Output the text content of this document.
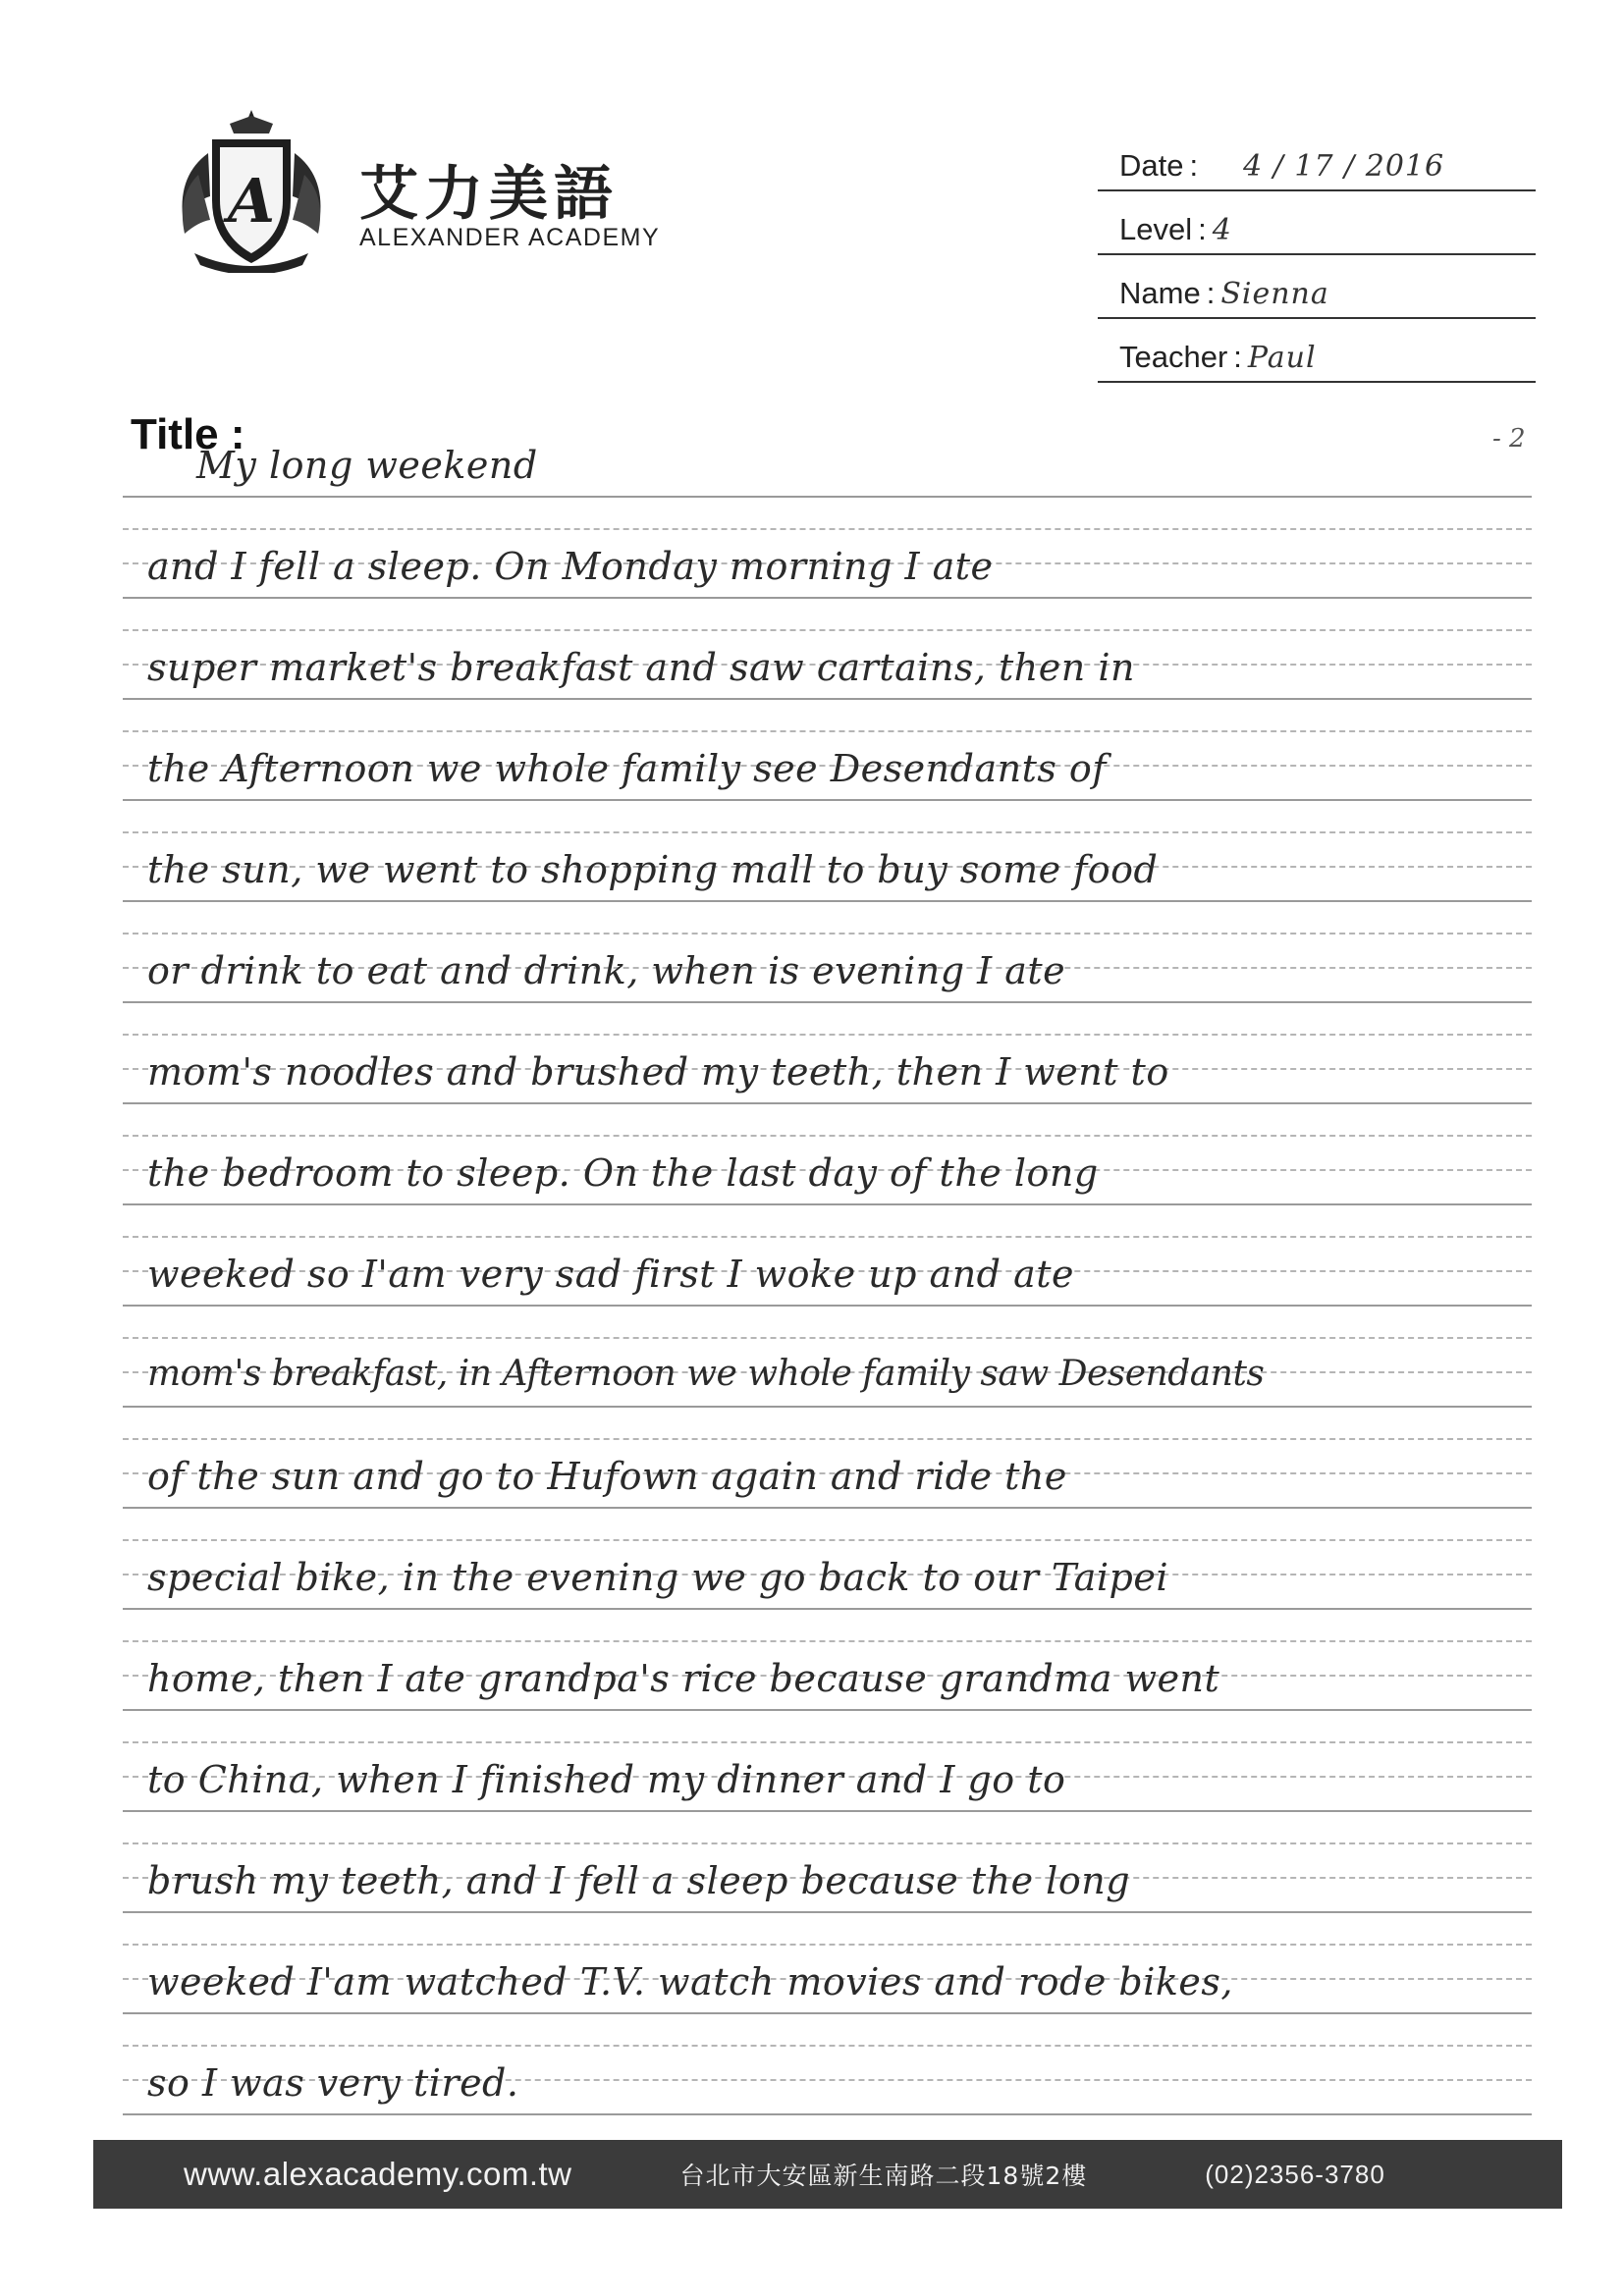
A 艾力美語
ALEXANDER ACADEMY
Date : 4 / 17 / 2016
Level : 4
Name : Sienna
Teacher : Paul
Title :	- 2
My long weekend
and I fell a sleep. On Monday morning I ate
super market's breakfast and saw cartains, then in
the Afternoon we whole family see Desendants of
the sun, we went to shopping mall to buy some food
or drink to eat and drink, when is evening I ate
mom's noodles and brushed my teeth, then I went to
the bedroom to sleep. On the last day of the long
weeked so I'am very sad first I woke up and ate
mom's breakfast, in Afternoon we whole family saw Desendants
of the sun and go to Hufown again and ride the
special bike, in the evening we go back to our Taipei
home, then I ate grandpa's rice because grandma went
to China, when I finished my dinner and I go to
brush my teeth, and I fell a sleep because the long
weeked I'am watched T.V. watch movies and rode bikes,
so I was very tired.
www.alexacademy.com.tw	台北市大安區新生南路二段18號2樓	(02)2356-3780
